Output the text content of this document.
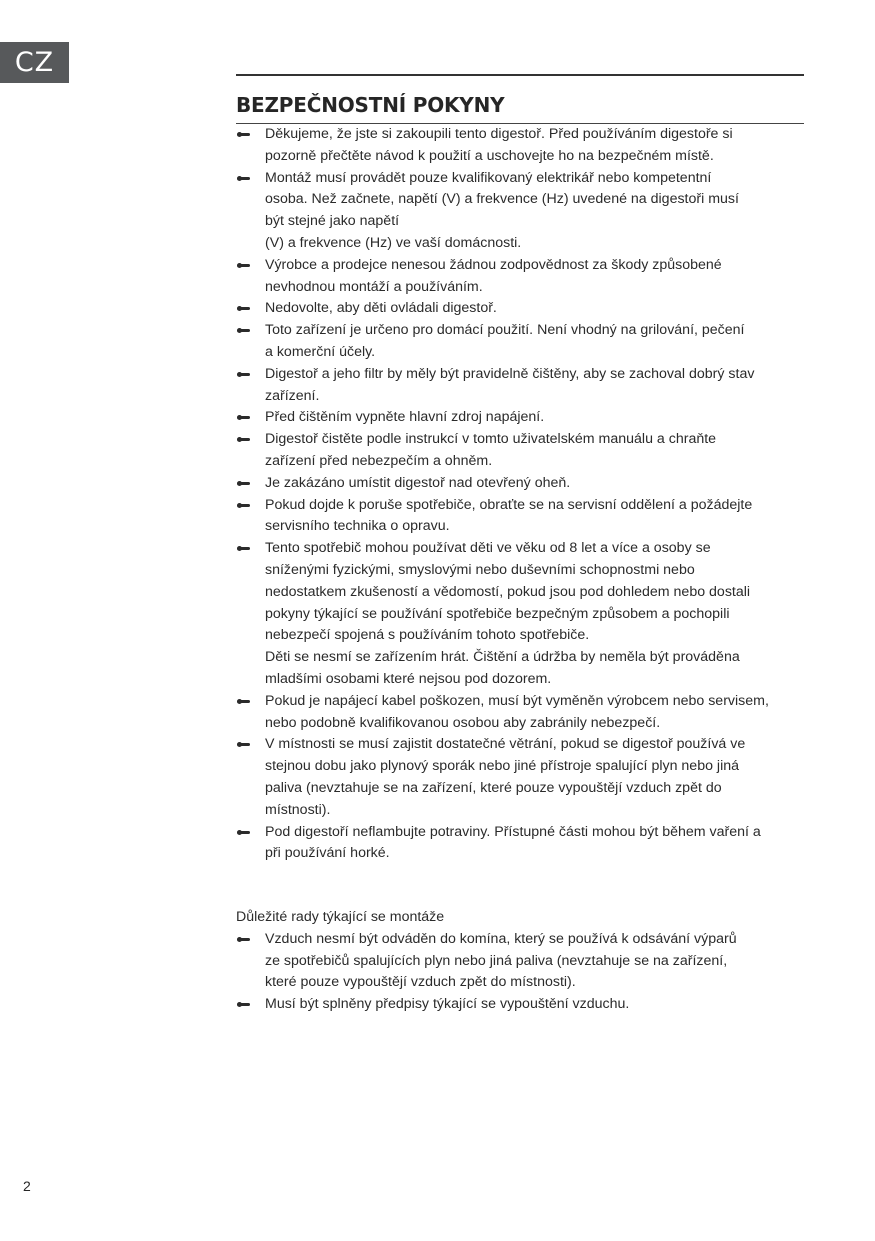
CZ
BEZPEČNOSTNÍ POKYNY
Děkujeme, že jste si zakoupili tento digestoř. Před používáním digestoře si
pozorně přečtěte návod k použití a uschovejte ho na bezpečném místě.
Montáž musí provádět pouze kvalifikovaný elektrikář nebo kompetentní
osoba. Než začnete, napětí (V) a frekvence (Hz) uvedené na digestoři musí
být stejné jako napětí
(V) a frekvence (Hz) ve vaší domácnosti.
Výrobce a prodejce nenesou žádnou zodpovědnost za škody způsobené
nevhodnou montáží a používáním.
Nedovolte, aby děti ovládali digestoř.
Toto zařízení je určeno pro domácí použití. Není vhodný na grilování, pečení
a komerční účely.
Digestoř a jeho filtr by měly být pravidelně čištěny, aby se zachoval dobrý stav
zařízení.
Před čištěním vypněte hlavní zdroj napájení.
Digestoř čistěte podle instrukcí v tomto uživatelském manuálu a chraňte
zařízení před nebezpečím a ohněm.
Je zakázáno umístit digestoř nad otevřený oheň.
Pokud dojde k poruše spotřebiče, obraťte se na servisní oddělení a požádejte
servisního technika o opravu.
Tento spotřebič mohou používat děti ve věku od 8 let a více a osoby se
sníženými fyzickými, smyslovými nebo duševními schopnostmi nebo
nedostatkem zkušeností a vědomostí, pokud jsou pod dohledem nebo dostali
pokyny týkající se používání spotřebiče bezpečným způsobem a pochopili
nebezpečí spojená s používáním tohoto spotřebiče.
Děti se nesmí se zařízením hrát. Čištění a údržba by neměla být prováděna
mladšími osobami které nejsou pod dozorem.
Pokud je napájecí kabel poškozen, musí být vyměněn výrobcem nebo servisem,
nebo podobně kvalifikovanou osobou aby zabránily nebezpečí.
V místnosti se musí zajistit dostatečné větrání, pokud se digestoř používá ve
stejnou dobu jako plynový sporák nebo jiné přístroje spalující plyn nebo jiná
paliva (nevztahuje se na zařízení, které pouze vypouštějí vzduch zpět do
místnosti).
Pod digestoří neflambujte potraviny. Přístupné části mohou být během vaření a
při používání horké.
Důležité rady týkající se montáže
Vzduch nesmí být odváděn do komína, který se používá k odsávání výparů
ze spotřebičů spalujících plyn nebo jiná paliva (nevztahuje se na zařízení,
které pouze vypouštějí vzduch zpět do místnosti).
Musí být splněny předpisy týkající se vypouštění vzduchu.
2
